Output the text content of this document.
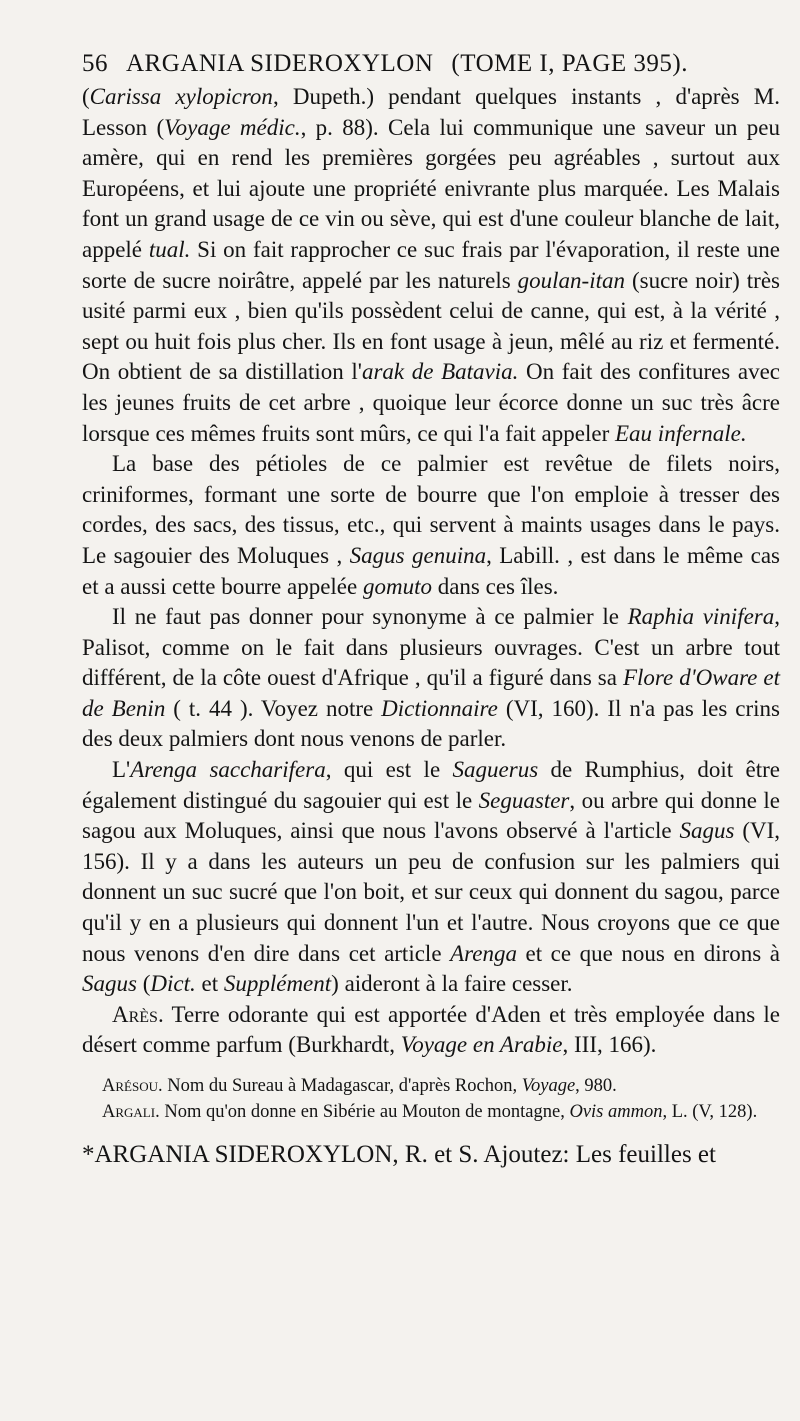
56 ARGANIA SIDEROXYLON (TOME I, PAGE 395).

(Carissa xylopicron, Dupeth.) pendant quelques instants , d'après M. Lesson (Voyage médic., p. 88). Cela lui communique une saveur un peu amère, qui en rend les premières gorgées peu agréables , surtout aux Européens, et lui ajoute une propriété enivrante plus marquée. Les Malais font un grand usage de ce vin ou sève, qui est d'une couleur blanche de lait, appelé tual. Si on fait rapprocher ce suc frais par l'évaporation, il reste une sorte de sucre noirâtre, appelé par les naturels goulan-itan (sucre noir) très usité parmi eux , bien qu'ils possèdent celui de canne, qui est, à la vérité , sept ou huit fois plus cher. Ils en font usage à jeun, mêlé au riz et fermenté. On obtient de sa distillation l'arak de Batavia. On fait des confitures avec les jeunes fruits de cet arbre , quoique leur écorce donne un suc très âcre lorsque ces mêmes fruits sont mûrs, ce qui l'a fait appeler Eau infernale.

La base des pétioles de ce palmier est revêtue de filets noirs, criniformes, formant une sorte de bourre que l'on emploie à tresser des cordes, des sacs, des tissus, etc., qui servent à maints usages dans le pays. Le sagouier des Moluques , Sagus genuina, Labill. , est dans le même cas et a aussi cette bourre appelée gomuto dans ces îles.

Il ne faut pas donner pour synonyme à ce palmier le Raphia vinifera, Palisot, comme on le fait dans plusieurs ouvrages. C'est un arbre tout différent, de la côte ouest d'Afrique , qu'il a figuré dans sa Flore d'Oware et de Benin ( t. 44 ). Voyez notre Dictionnaire (VI, 160). Il n'a pas les crins des deux palmiers dont nous venons de parler.

L'Arenga saccharifera, qui est le Saguerus de Rumphius, doit être également distingué du sagouier qui est le Seguaster, ou arbre qui donne le sagou aux Moluques, ainsi que nous l'avons observé à l'article Sagus (VI, 156). Il y a dans les auteurs un peu de confusion sur les palmiers qui donnent un suc sucré que l'on boit, et sur ceux qui donnent du sagou, parce qu'il y en a plusieurs qui donnent l'un et l'autre. Nous croyons que ce que nous venons d'en dire dans cet article Arenga et ce que nous en dirons à Sagus (Dict. et Supplément) aideront à la faire cesser.

Arès. Terre odorante qui est apportée d'Aden et très employée dans le désert comme parfum (Burkhardt, Voyage en Arabie, III, 166).

Arésou. Nom du Sureau à Madagascar, d'après Rochon, Voyage, 980.

Argali. Nom qu'on donne en Sibérie au Mouton de montagne, Ovis ammon, L. (V, 128).

*ARGANIA SIDEROXYLON, R. et S. Ajoutez: Les feuilles et
